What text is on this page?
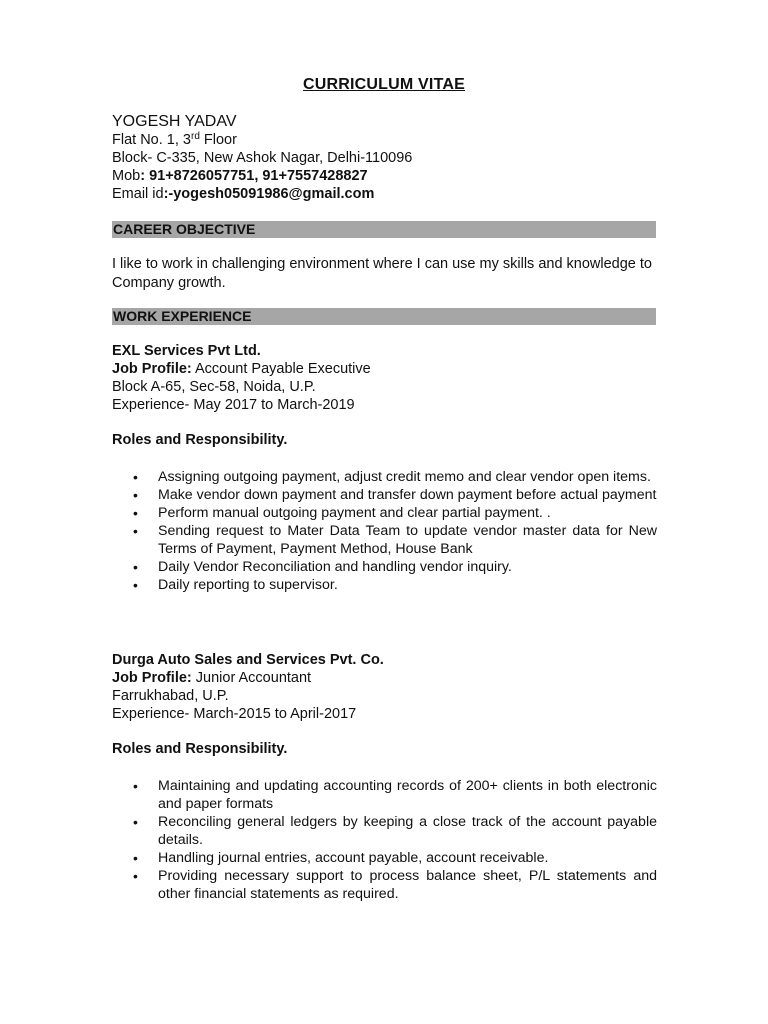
CURRICULUM VITAE
YOGESH YADAV
Flat No. 1, 3rd Floor
Block- C-335, New Ashok Nagar, Delhi-110096
Mob: 91+8726057751, 91+7557428827
Email id:-yogesh05091986@gmail.com
CAREER OBJECTIVE
I like to work in challenging environment where I can use my skills and knowledge to Company growth.
WORK EXPERIENCE
EXL Services Pvt Ltd.
Job Profile: Account Payable Executive
Block A-65, Sec-58, Noida, U.P.
Experience- May 2017 to March-2019
Roles and Responsibility.
• Assigning outgoing payment, adjust credit memo and clear vendor open items.
• Make vendor down payment and transfer down payment before actual payment
• Perform manual outgoing payment and clear partial payment. .
• Sending request to Mater Data Team to update vendor master data for New Terms of Payment, Payment Method, House Bank
• Daily Vendor Reconciliation and handling vendor inquiry.
• Daily reporting to supervisor.
Durga Auto Sales and Services Pvt. Co.
Job Profile: Junior Accountant
Farrukhabad, U.P.
Experience- March-2015 to April-2017
Roles and Responsibility.
• Maintaining and updating accounting records of 200+ clients in both electronic and paper formats
• Reconciling general ledgers by keeping a close track of the account payable details.
• Handling journal entries, account payable, account receivable.
• Providing necessary support to process balance sheet, P/L statements and other financial statements as required.
